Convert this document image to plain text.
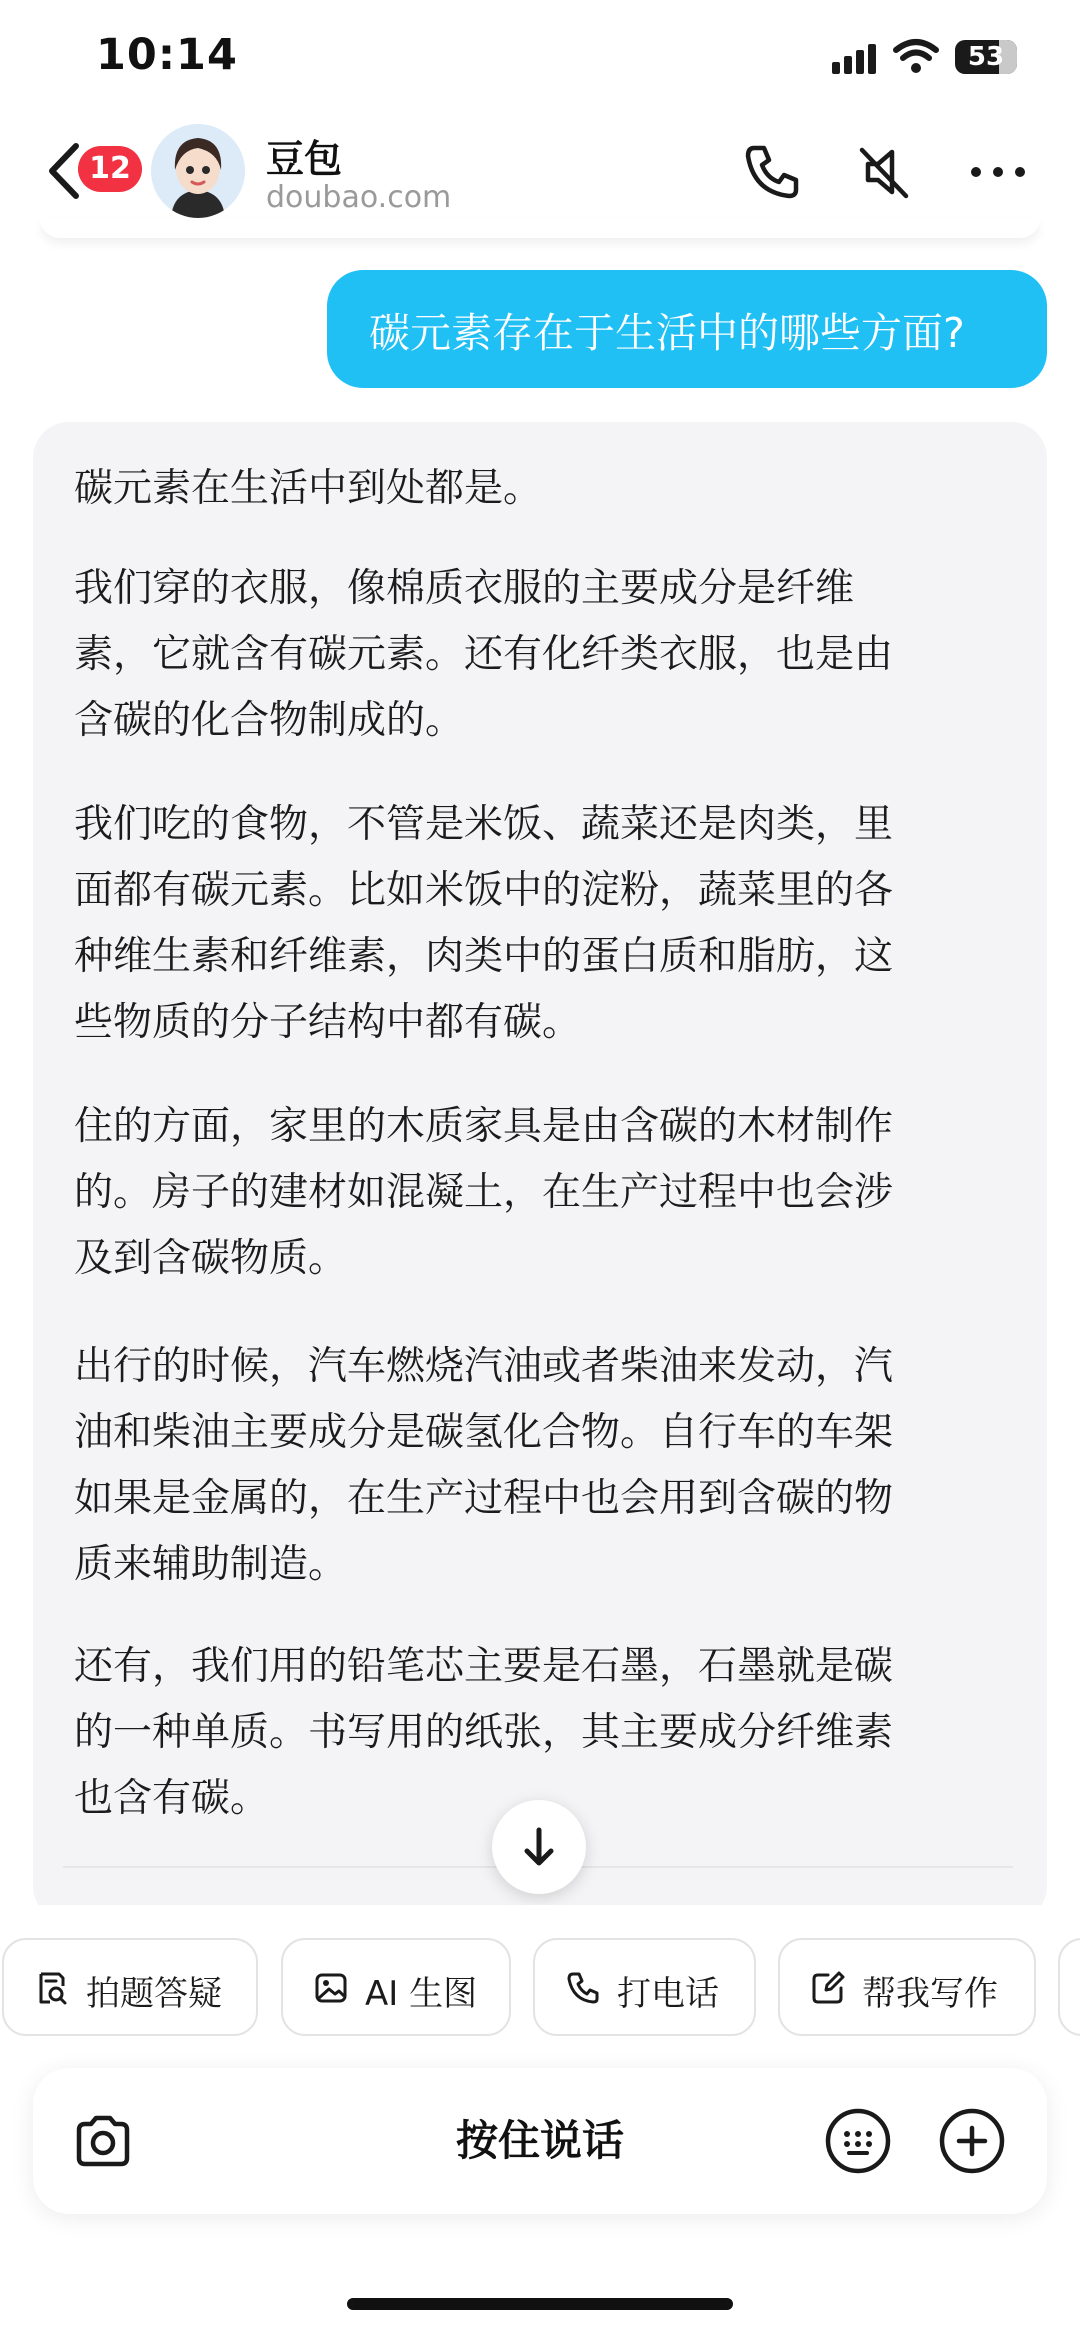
10:14	53
12	豆包
doubao.com
碳元素存在于生活中的哪些方面?
碳元素在生活中到处都是。
我们穿的衣服，像棉质衣服的主要成分是纤维
素，它就含有碳元素。还有化纤类衣服，也是由
含碳的化合物制成的。
我们吃的食物，不管是米饭、蔬菜还是肉类，里
面都有碳元素。比如米饭中的淀粉，蔬菜里的各
种维生素和纤维素，肉类中的蛋白质和脂肪，这
些物质的分子结构中都有碳。
住的方面，家里的木质家具是由含碳的木材制作
的。房子的建材如混凝土，在生产过程中也会涉
及到含碳物质。
出行的时候，汽车燃烧汽油或者柴油来发动，汽
油和柴油主要成分是碳氢化合物。自行车的车架
如果是金属的，在生产过程中也会用到含碳的物
质来辅助制造。
还有，我们用的铅笔芯主要是石墨，石墨就是碳
的一种单质。书写用的纸张，其主要成分纤维素
也含有碳。
拍题答疑	AI 生图	打电话	帮我写作
按住说话
